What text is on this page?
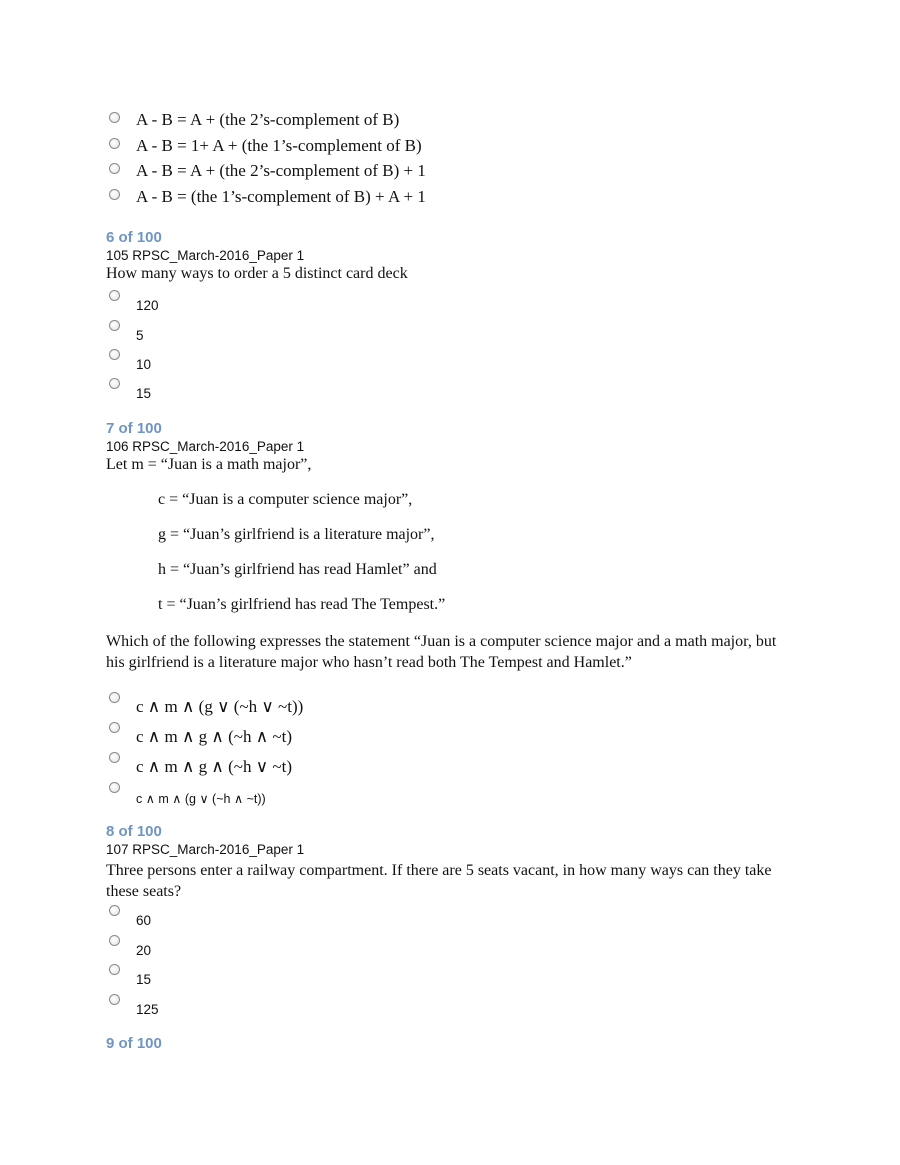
A - B = A + (the 2’s-complement of B)
A - B = 1+ A + (the 1’s-complement of B)
A - B = A + (the 2’s-complement of B) + 1
A - B = (the 1’s-complement of B) + A + 1
6 of 100
105 RPSC_March-2016_Paper 1
How many ways to order a 5 distinct card deck
120
5
10
15
7 of 100
106 RPSC_March-2016_Paper 1
Let m = “Juan is a math major”,
c = “Juan is a computer science major”,
g = “Juan’s girlfriend is a literature major”,
h = “Juan’s girlfriend has read Hamlet” and
t = “Juan’s girlfriend has read The Tempest.”
Which of the following expresses the statement “Juan is a computer science major and a math major, but his girlfriend is a literature major who hasn’t read both The Tempest and Hamlet.”
c ∧ m ∧ (g ∨ (~h ∨ ~t))
c ∧ m ∧ g ∧ (~h ∧ ~t)
c ∧ m ∧ g ∧ (~h ∨ ~t)
c ∧ m ∧ (g ∨ (~h ∧ ~t))
8 of 100
107 RPSC_March-2016_Paper 1
Three persons enter a railway compartment. If there are 5 seats vacant, in how many ways can they take these seats?
60
20
15
125
9 of 100
